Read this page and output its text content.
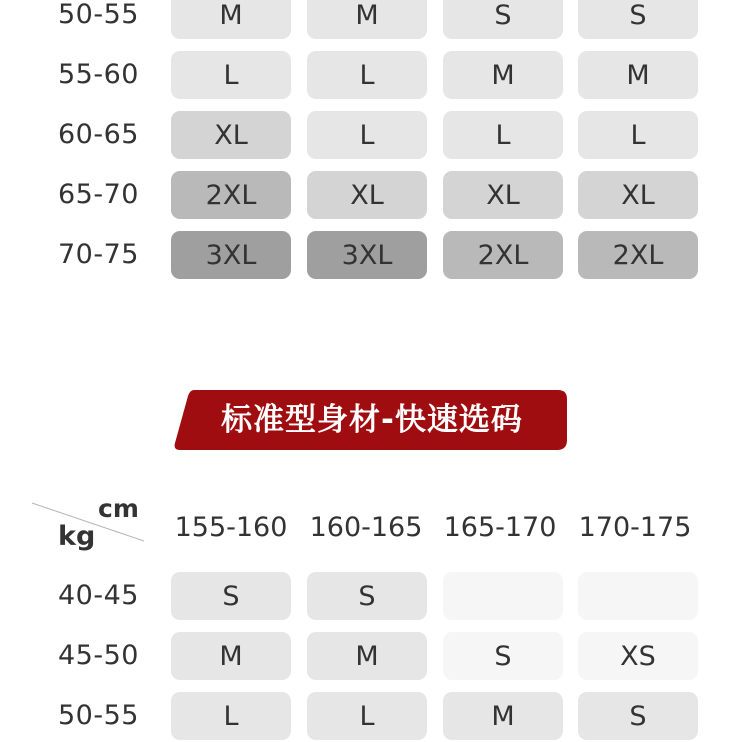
50-55	M	M	S	S
55-60	L	L	M	M
60-65	XL	L	L	L
65-70	2XL	XL	XL	XL
70-75	3XL	3XL	2XL	2XL
标准型身材-快速选码
cm
kg	155-160 160-165 165-170 170-175
40-45	S	S
45-50	M	M	S	XS
50-55	L	L	M	S
